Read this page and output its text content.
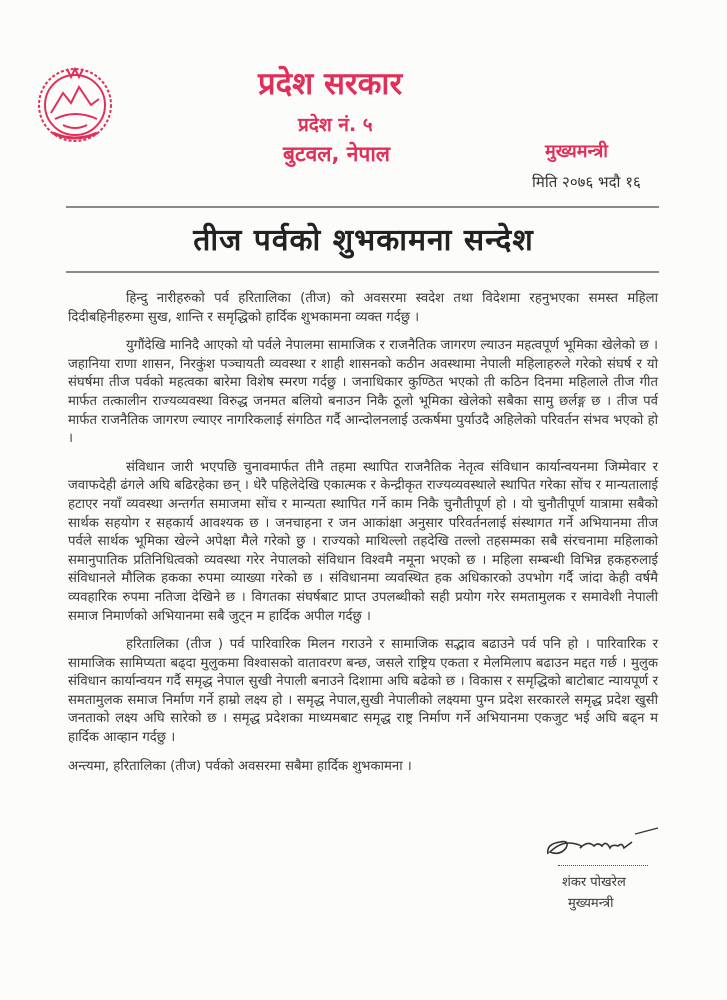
प्रदेश सरकार
प्रदेश नं. ५
बुटवल, नेपाल	मुख्यमन्त्री
मिति २०७६ भदौ १६
तीज पर्वको शुभकामना सन्देश

हिन्दु नारीहरुको पर्व हरितालिका (तीज) को अवसरमा स्वदेश तथा विदेशमा रहनुभएका समस्त महिला दिदीबहिनीहरुमा सुख, शान्ति र समृद्धिको हार्दिक शुभकामना व्यक्त गर्दछु ।

युगौंदेखि मानिदै आएको यो पर्वले नेपालमा सामाजिक र राजनैतिक जागरण ल्याउन महत्वपूर्ण भूमिका खेलेको छ । जहानिया राणा शासन, निरकुंश पञ्चायती व्यवस्था र शाही शासनको कठीन अवस्थामा नेपाली महिलाहरुले गरेको संघर्ष र यो संघर्षमा तीज पर्वको महत्वका बारेमा विशेष स्मरण गर्दछु । जनाधिकार कुण्ठित भएको ती कठिन दिनमा महिलाले तीज गीत मार्फत तत्कालीन राज्यव्यवस्था विरुद्ध जनमत बलियो बनाउन निकै ठूलो भूमिका खेलेको सबैका सामु छर्लङ्ग छ । तीज पर्व मार्फत राजनैतिक जागरण ल्याएर नागरिकलाई संगठित गर्दै आन्दोलनलाई उत्कर्षमा पुर्याउदै अहिलेको परिवर्तन संभव भएको हो ।

संविधान जारी भएपछि चुनावमार्फत तीनै तहमा स्थापित राजनैतिक नेतृत्व संविधान कार्यान्वयनमा जिम्मेवार र जवाफदेही ढंगले अघि बढिरहेका छन् । धेरै पहिलेदेखि एकात्मक र केन्द्रीकृत राज्यव्यवस्थाले स्थापित गरेका सोंच र मान्यतालाई हटाएर नयाँ व्यवस्था अन्तर्गत समाजमा सोंच र मान्यता स्थापित गर्ने काम निकै चुनौतीपूर्ण हो । यो चुनौतीपूर्ण यात्रामा सबैको सार्थक सहयोग र सहकार्य आवश्यक छ । जनचाहना र जन आकांक्षा अनुसार परिवर्तनलाई संस्थागत गर्ने अभियानमा तीज पर्वले सार्थक भूमिका खेल्ने अपेक्षा मैले गरेको छु । राज्यको माथिल्लो तहदेखि तल्लो तहसम्मका सबै संरचनामा महिलाको समानुपातिक प्रतिनिधित्वको व्यवस्था गरेर नेपालको संविधान विश्वमै नमूना भएको छ । महिला सम्बन्धी विभिन्न हकहरुलाई संविधानले मौलिक हकका रुपमा व्याख्या गरेको छ । संविधानमा व्यवस्थित हक अधिकारको उपभोग गर्दै जांदा केही वर्षमै व्यवहारिक रुपमा नतिजा देखिने छ । विगतका संघर्षबाट प्राप्त उपलब्धीको सही प्रयोग गरेर समतामुलक र समावेशी नेपाली समाज निमार्णको अभियानमा सबै जुट्न म हार्दिक अपील गर्दछु ।

हरितालिका (तीज ) पर्व पारिवारिक मिलन गराउने र सामाजिक सद्भाव बढाउने पर्व पनि हो । पारिवारिक र सामाजिक सामिप्यता बढ्दा मुलुकमा विश्वासको वातावरण बन्छ, जसले राष्ट्रिय एकता र मेलमिलाप बढाउन मद्दत गर्छ । मुलुक संविधान कार्यान्वयन गर्दै समृद्ध नेपाल सुखी नेपाली बनाउने दिशामा अघि बढेको छ । विकास र समृद्धिको बाटोबाट न्यायपूर्ण र समतामुलक समाज निर्माण गर्ने हाम्रो लक्ष्य हो । समृद्ध नेपाल,सुखी नेपालीको लक्ष्यमा पुग्न प्रदेश सरकारले समृद्ध प्रदेश खुसी जनताको लक्ष्य अघि सारेको छ । समृद्ध प्रदेशका माध्यमबाट समृद्ध राष्ट्र निर्माण गर्ने अभियानमा एकजुट भई अघि बढ्न म हार्दिक आव्हान गर्दछु ।

अन्त्यमा, हरितालिका (तीज) पर्वको अवसरमा सबैमा हार्दिक शुभकामना ।

शंकर पोखरेल
मुख्यमन्त्री
